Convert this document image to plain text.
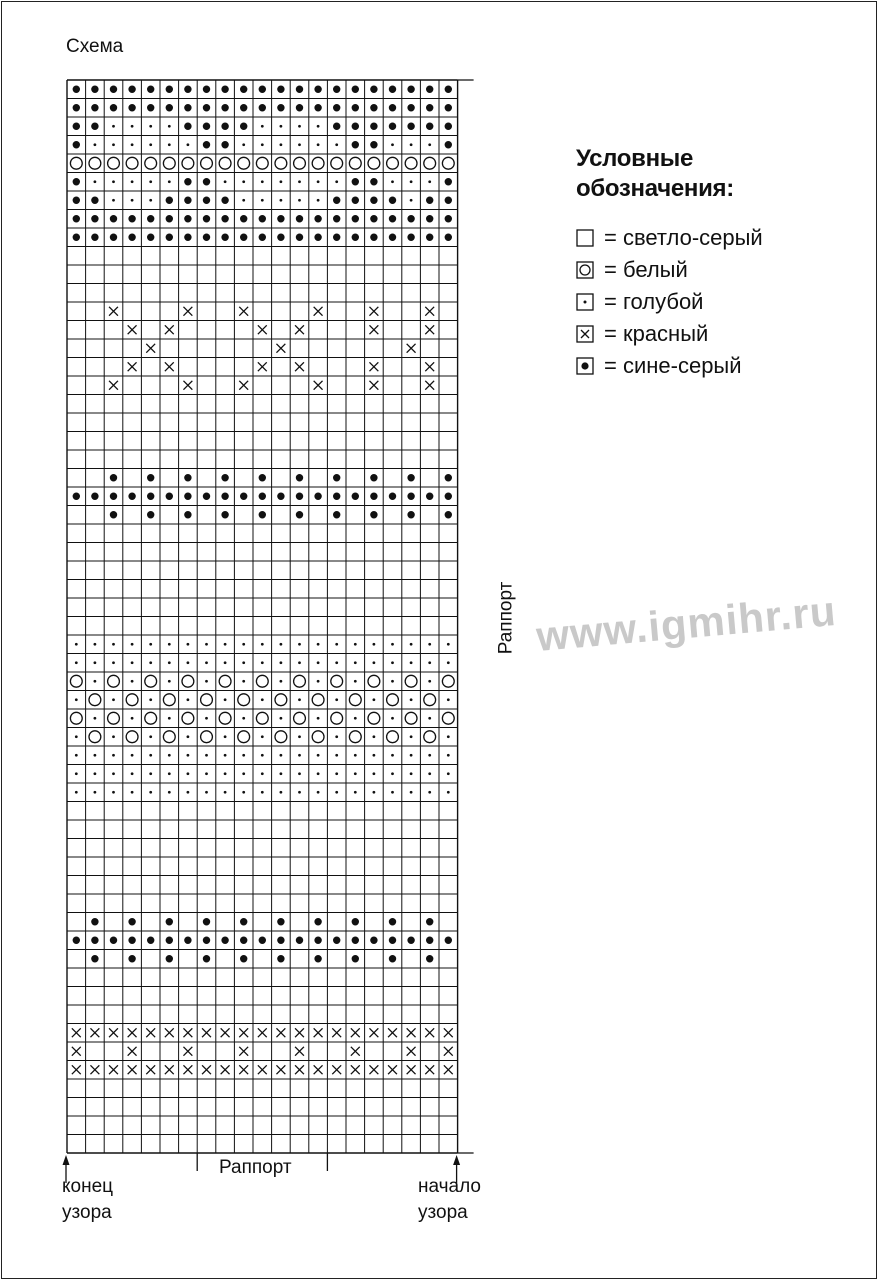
Схема
Условные
обозначения:
= светло-серый
= белый
= голубой
= красный
= сине-серый
www.igmihr.ru
Раппорт
Раппорт
конец
узора
начало
узора
